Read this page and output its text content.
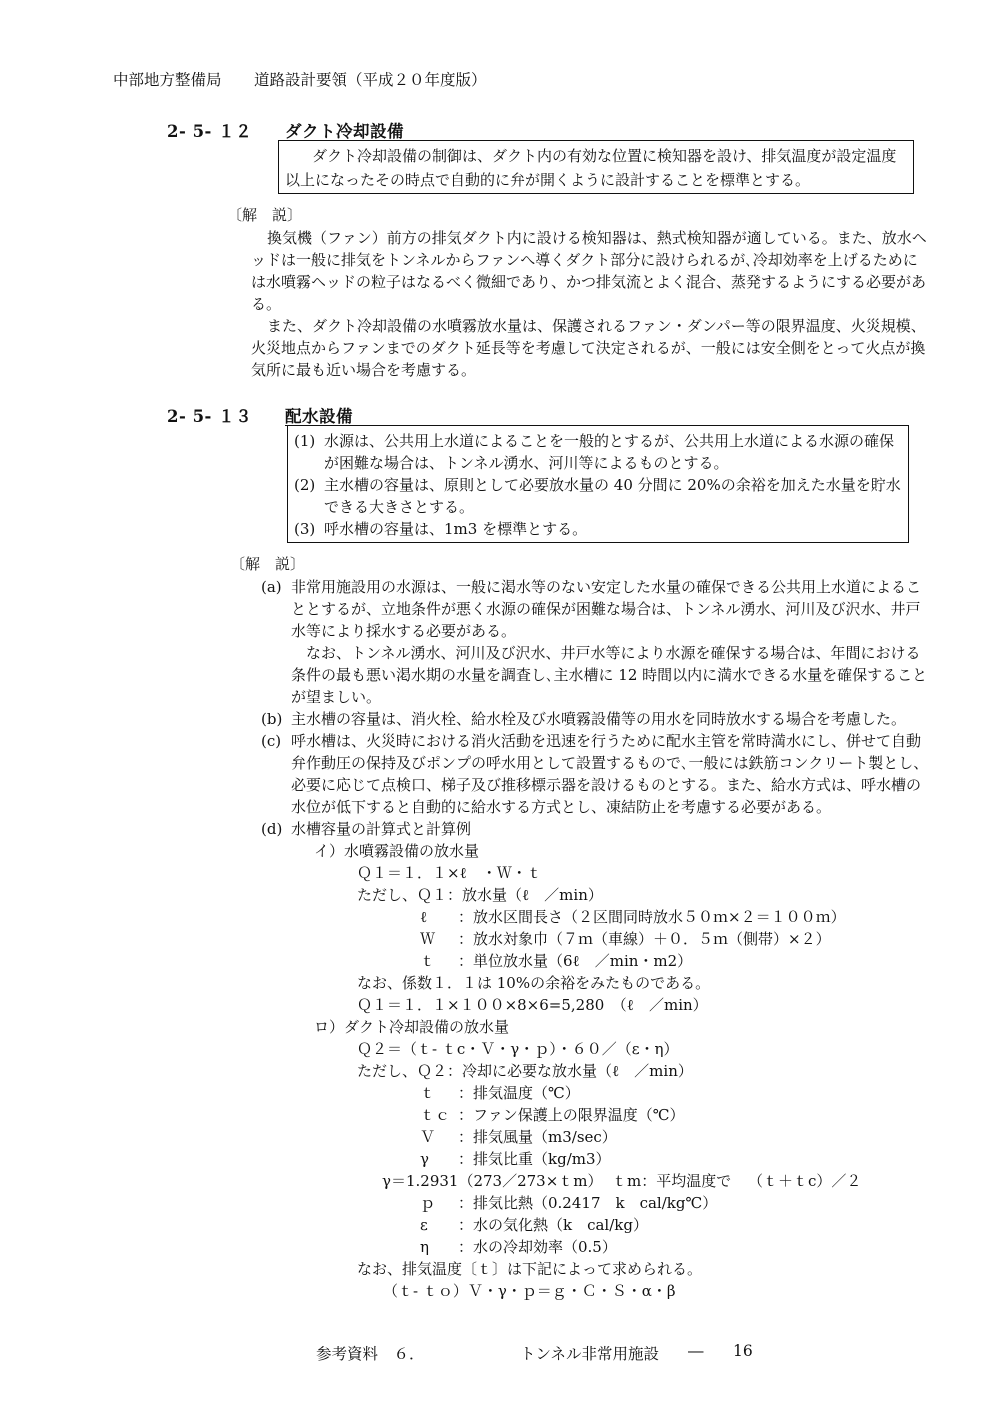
中部地方整備局 道路設計要領（平成２０年度版）
2- 5- １２ ダクト冷却設備
ダクト冷却設備の制御は、ダクト内の有効な位置に検知器を設け、排気温度が設定温度
以上になったその時点で自動的に弁が開くように設計することを標準とする。
〔解　説〕
換気機（ファン）前方の排気ダクト内に設ける検知器は、熱式検知器が適している。また、放水ヘ
ッドは一般に排気をトンネルからファンへ導くダクト部分に設けられるが､冷却効率を上げるために
は水噴霧ヘッドの粒子はなるべく微細であり、かつ排気流とよく混合、蒸発するようにする必要があ
る。
また、ダクト冷却設備の水噴霧放水量は、保護されるファン・ダンパー等の限界温度、火災規模、
火災地点からファンまでのダクト延長等を考慮して決定されるが、一般には安全側をとって火点が換
気所に最も近い場合を考慮する。
2- 5- １３ 配水設備
(1) 水源は、公共用上水道によることを一般的とするが、公共用上水道による水源の確保
が困難な場合は、トンネル湧水、河川等によるものとする。
(2) 主水槽の容量は、原則として必要放水量の 40 分間に 20%の余裕を加えた水量を貯水
できる大きさとする。
(3) 呼水槽の容量は、1m3 を標準とする。
〔解　説〕
(a) 非常用施設用の水源は、一般に渇水等のない安定した水量の確保できる公共用上水道によるこ
ととするが、立地条件が悪く水源の確保が困難な場合は、トンネル湧水、河川及び沢水、井戸
水等により採水する必要がある。
なお、トンネル湧水、河川及び沢水、井戸水等により水源を確保する場合は、年間における
条件の最も悪い渇水期の水量を調査し､主水槽に 12 時間以内に満水できる水量を確保すること
が望ましい。
(b) 主水槽の容量は、消火栓、給水栓及び水噴霧設備等の用水を同時放水する場合を考慮した。
(c) 呼水槽は、火災時における消火活動を迅速を行うために配水主管を常時満水にし、併せて自動
弁作動圧の保持及びポンプの呼水用として設置するもので､一般には鉄筋コンクリート製とし、
必要に応じて点検口、梯子及び推移標示器を設けるものとする。また、給水方式は、呼水槽の
水位が低下すると自動的に給水する方式とし、凍結防止を考慮する必要がある。
(d) 水槽容量の計算式と計算例
イ）水噴霧設備の放水量
Ｑ１＝１．１×ℓ　・Ｗ・ｔ
ただし、Ｑ１：放水量（ℓ　／min）
ℓ ：放水区間長さ（２区間同時放水５０ｍ×２＝１００ｍ）
Ｗ ：放水対象巾（７ｍ（車線）＋０．５ｍ（側帯）×２）
ｔ ：単位放水量（6ℓ　／min・m2）
なお、係数１．１は 10%の余裕をみたものである。
Ｑ１＝１．１×１００×8×6=5,280　（ℓ　／min）
ロ）ダクト冷却設備の放水量
Ｑ２＝（ｔ- ｔc・Ｖ・γ・ｐ）・６０／（ε・η）
ただし、Ｑ２：冷却に必要な放水量（ℓ　／min）
ｔ ：排気温度（℃）
ｔｃ ：ファン保護上の限界温度（℃）
Ｖ ：排気風量（m3/sec）
γ ：排気比重（kg/m3）
γ＝1.2931（273／273×ｔm） ｔm：平均温度で （ｔ＋ｔc）／２
ｐ ：排気比熱（0.2417　k　cal/kg℃）
ε ：水の気化熱（k　cal/kg）
η ：水の冷却効率（0.5）
なお、排気温度〔ｔ〕は下記によって求められる。
（ｔ- ｔｏ）Ｖ・γ・ｐ＝ｇ・Ｃ・Ｓ・α・β
参考資料　６．	トンネル非常用施設 ― 16
